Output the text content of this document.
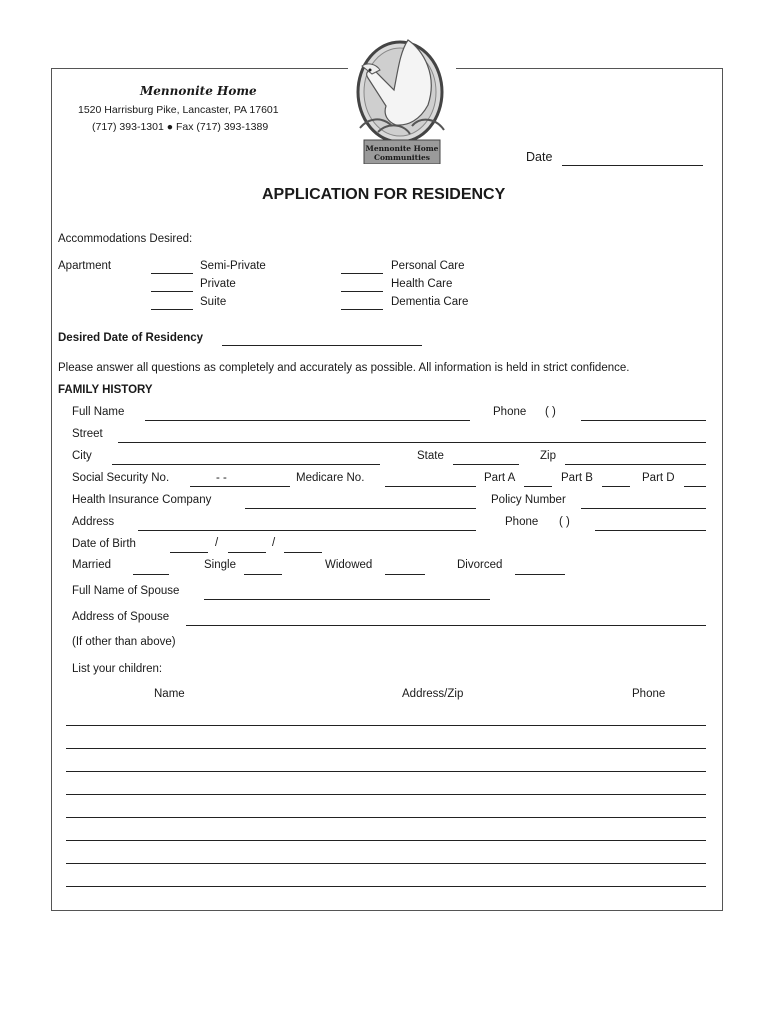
Mennonite Home
Communities
Mennonite Home
1520 Harrisburg Pike, Lancaster, PA 17601
(717) 393-1301 ● Fax (717) 393-1389
Date
APPLICATION FOR RESIDENCY
Accommodations Desired:
Apartment	Semi-Private
Private
Suite
Personal Care
Health Care
Dementia Care
Desired Date of Residency
Please answer all questions as completely and accurately as possible. All information is held in strict confidence.
FAMILY HISTORY
Full Name	Phone ( )
Street
City	State	Zip
Social Security No.	- -	Medicare No.	Part A	Part B	Part D
Health Insurance Company	Policy Number
Address	Phone ( )
Date of Birth	/	/
Married	Single	Widowed	Divorced
Full Name of Spouse
Address of Spouse
(If other than above)
List your children:
Name	Address/Zip	Phone
